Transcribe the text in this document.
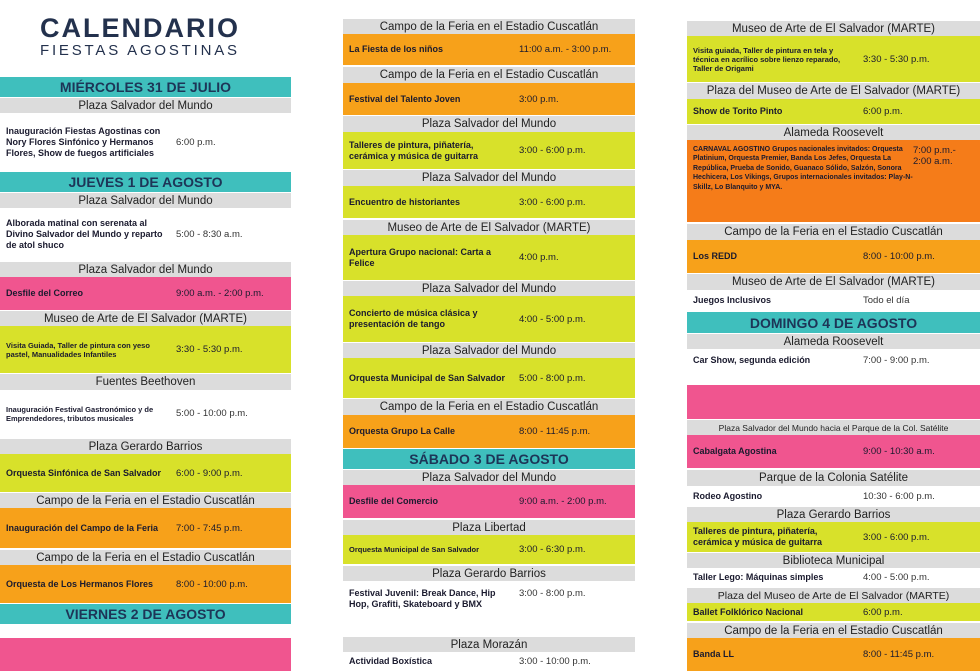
CALENDARIO
FIESTAS AGOSTINAS
MIÉRCOLES 31 DE JULIO
Plaza Salvador del Mundo
Inauguración Fiestas Agostinas con Nory Flores Sinfónico y Hermanos Flores, Show de fuegos artificiales
6:00 p.m.
JUEVES 1 DE AGOSTO
Plaza Salvador del Mundo
Alborada matinal con serenata al Divino Salvador del Mundo y reparto de atol shuco
5:00 - 8:30 a.m.
Plaza Salvador del Mundo
Desfile del Correo	9:00 a.m. - 2:00 p.m.
Museo de Arte de El Salvador (MARTE)
Visita Guiada, Taller de pintura con yeso pastel, Manualidades Infantiles	3:30 - 5:30 p.m.
Fuentes Beethoven
Inauguración Festival Gastronómico y de Emprendedores, tributos musicales	5:00 - 10:00 p.m.
Plaza Gerardo Barrios
Orquesta Sinfónica de San Salvador	6:00 - 9:00 p.m.
Campo de la Feria en el Estadio Cuscatlán
Inauguración del Campo de la Feria	7:00 - 7:45 p.m.
Campo de la Feria en el Estadio Cuscatlán
Orquesta de Los Hermanos Flores	8:00 - 10:00 p.m.
VIERNES 2 DE AGOSTO
Campo de la Feria en el Estadio Cuscatlán
La Fiesta de los niños	11:00 a.m. - 3:00 p.m.
Campo de la Feria en el Estadio Cuscatlán
Festival del Talento Joven	3:00 p.m.
Plaza Salvador del Mundo
Talleres de pintura, piñatería, cerámica y música de guitarra	3:00 - 6:00 p.m.
Plaza Salvador del Mundo
Encuentro de historiantes	3:00 - 6:00 p.m.
Museo de Arte de El Salvador (MARTE)
Apertura Grupo nacional: Carta a Felice	4:00 p.m.
Plaza Salvador del Mundo
Concierto de música clásica y presentación de tango	4:00 - 5:00 p.m.
Plaza Salvador del Mundo
Orquesta Municipal de San Salvador	5:00 - 8:00 p.m.
Campo de la Feria en el Estadio Cuscatlán
Orquesta Grupo La Calle	8:00 - 11:45 p.m.
SÁBADO 3 DE AGOSTO
Plaza Salvador del Mundo
Desfile del Comercio	9:00 a.m. - 2:00 p.m.
Plaza Libertad
Orquesta Municipal de San Salvador	3:00 - 6:30 p.m.
Plaza Gerardo Barrios
Festival Juvenil: Break Dance, Hip Hop, Grafiti, Skateboard y BMX
3:00 - 8:00 p.m.
Plaza Morazán
Actividad Boxística	3:00 - 10:00 p.m.
Museo de Arte de El Salvador (MARTE)
Visita guiada, Taller de pintura en tela y técnica en acrílico sobre lienzo reparado, Taller de Origami
3:30 - 5:30 p.m.
Plaza del Museo de Arte de El Salvador (MARTE)
Show de Torito Pinto	6:00 p.m.
Alameda Roosevelt
CARNAVAL AGOSTINO Grupos nacionales invitados: Orquesta Platinium, Orquesta Premier, Banda Los Jefes, Orquesta La República, Prueba de Sonido, Guanaco Sólido, Salzón, Sonora Hechicera, Los Vikings, Grupos internacionales invitados: Play-N-Skillz, Lo Blanquito y MYA.
7:00 p.m.- 2:00 a.m.
Campo de la Feria en el Estadio Cuscatlán
Los REDD	8:00 - 10:00 p.m.
Museo de Arte de El Salvador (MARTE)
Juegos Inclusivos	Todo el día
DOMINGO 4 DE AGOSTO
Alameda Roosevelt
Car Show, segunda edición	7:00 - 9:00 p.m.
Plaza Salvador del Mundo hacia el Parque de la Col. Satélite
Cabalgata Agostina	9:00 - 10:30 a.m.
Parque de la Colonia Satélite
Rodeo Agostino	10:30 - 6:00 p.m.
Plaza Gerardo Barrios
Talleres de pintura, piñatería, cerámica y música de guitarra	3:00 - 6:00 p.m.
Biblioteca Municipal
Taller Lego: Máquinas simples	4:00 - 5:00 p.m.
Plaza del Museo de Arte de El Salvador (MARTE)
Ballet Folklórico Nacional	6:00 p.m.
Campo de la Feria en el Estadio Cuscatlán
Banda LL	8:00 - 11:45 p.m.
